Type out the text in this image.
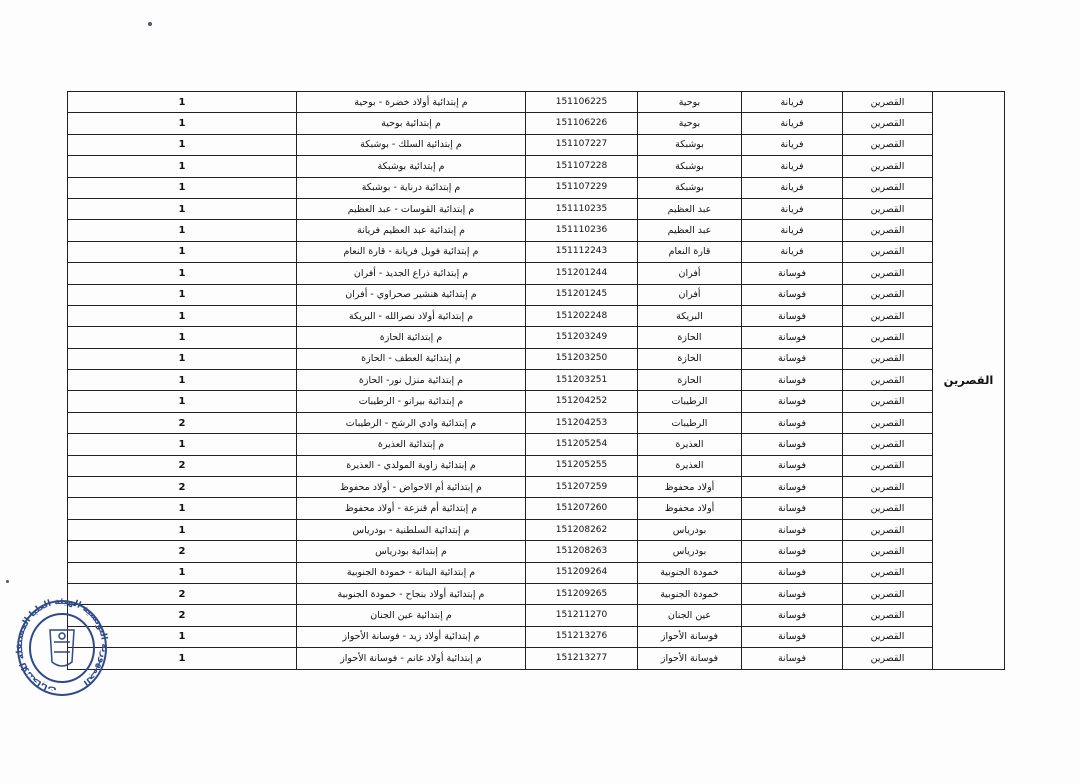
القصرين	القصرين	فريانة	بوحية	151106225	م إبتدائية أولاد خضرة - بوحية	1
	القصرين	فريانة	بوحية	151106226	م إبتدائية بوحية	1
	القصرين	فريانة	بوشبكة	151107227	م إبتدائية السلك - بوشبكة	1
	القصرين	فريانة	بوشبكة	151107228	م إبتدائية بوشبكة	1
	القصرين	فريانة	بوشبكة	151107229	م إبتدائية درناية - بوشبكة	1
	القصرين	فريانة	عبد العظيم	151110235	م إبتدائية القوسات - عبد العظيم	1
	القصرين	فريانة	عبد العظيم	151110236	م إبتدائية عبد العظيم فريانة	1
	القصرين	فريانة	قارة النعام	151112243	م إبتدائية فويل فريانة - قارة النعام	1
	القصرين	فوسانة	أفران	151201244	م إبتدائية ذراع الجديد - أفران	1
	القصرين	فوسانة	أفران	151201245	م إبتدائية هنشير صحراوي - أفران	1
	القصرين	فوسانة	البريكة	151202248	م إبتدائية أولاد نصرالله - البريكة	1
	القصرين	فوسانة	الحازة	151203249	م إبتدائية الحازة	1
	القصرين	فوسانة	الحازة	151203250	م إبتدائية العطف - الحازة	1
	القصرين	فوسانة	الحازة	151203251	م إبتدائية منزل نور- الحازة	1
	القصرين	فوسانة	الرطيبات	151204252	م إبتدائية بيرانو - الرطيبات	1
	القصرين	فوسانة	الرطيبات	151204253	م إبتدائية وادي الرشح - الرطيبات	2
	القصرين	فوسانة	العذيرة	151205254	م إبتدائية العذيرة	1
	القصرين	فوسانة	العذيرة	151205255	م إبتدائية زاوية المولدي - العذيرة	2
	القصرين	فوسانة	أولاد محفوظ	151207259	م إبتدائية أم الاحواض - أولاد محفوظ	2
	القصرين	فوسانة	أولاد محفوظ	151207260	م إبتدائية أم قنزعة - أولاد محفوظ	1
	القصرين	فوسانة	بودرياس	151208262	م إبتدائية السلطنية - بودرياس	1
	القصرين	فوسانة	بودرياس	151208263	م إبتدائية بودرياس	2
	القصرين	فوسانة	خمودة الجنوبية	151209264	م إبتدائية البنانة - خمودة الجنوبية	1
	القصرين	فوسانة	خمودة الجنوبية	151209265	م إبتدائية أولاد بنجاح - خمودة الجنوبية	2
	القصرين	فوسانة	عين الجنان	151211270	م إبتدائية عين الجنان	2
	القصرين	فوسانة	فوسانة الأحواز	151213276	م إبتدائية أولاد زيد - فوسانة الأحواز	1
	القصرين	فوسانة	فوسانة الأحواز	151213277	م إبتدائية أولاد غانم - فوسانة الأحواز	1
الجمهورية التونسية الهيئة العليا المستقلة للانتخابات
